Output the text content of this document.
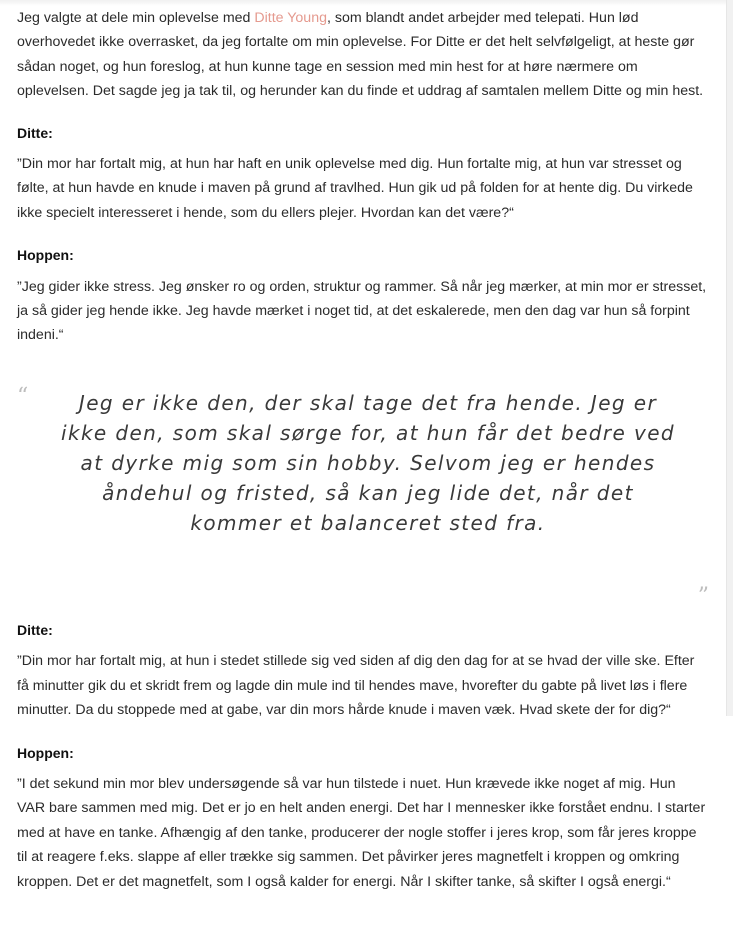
Jeg valgte at dele min oplevelse med Ditte Young, som blandt andet arbejder med telepati. Hun lød overhovedet ikke overrasket, da jeg fortalte om min oplevelse. For Ditte er det helt selvfølgeligt, at heste gør sådan noget, og hun foreslog, at hun kunne tage en session med min hest for at høre nærmere om oplevelsen. Det sagde jeg ja tak til, og herunder kan du finde et uddrag af samtalen mellem Ditte og min hest.

Ditte:

”Din mor har fortalt mig, at hun har haft en unik oplevelse med dig. Hun fortalte mig, at hun var stresset og følte, at hun havde en knude i maven på grund af travlhed. Hun gik ud på folden for at hente dig. Du virkede ikke specielt interesseret i hende, som du ellers plejer. Hvordan kan det være?“

Hoppen:

”Jeg gider ikke stress. Jeg ønsker ro og orden, struktur og rammer. Så når jeg mærker, at min mor er stresset, ja så gider jeg hende ikke. Jeg havde mærket i noget tid, at det eskalerede, men den dag var hun så forpint indeni.“

“	Jeg er ikke den, der skal tage det fra hende. Jeg er ikke den, som skal sørge for, at hun får det bedre ved at dyrke mig som sin hobby. Selvom jeg er hendes åndehul og fristed, så kan jeg lide det, når det kommer et balanceret sted fra.
”

Ditte:

”Din mor har fortalt mig, at hun i stedet stillede sig ved siden af dig den dag for at se hvad der ville ske. Efter få minutter gik du et skridt frem og lagde din mule ind til hendes mave, hvorefter du gabte på livet løs i flere minutter. Da du stoppede med at gabe, var din mors hårde knude i maven væk. Hvad skete der for dig?“

Hoppen:

”I det sekund min mor blev undersøgende så var hun tilstede i nuet. Hun krævede ikke noget af mig. Hun VAR bare sammen med mig. Det er jo en helt anden energi. Det har I mennesker ikke forstået endnu. I starter med at have en tanke. Afhængig af den tanke, producerer der nogle stoffer i jeres krop, som får jeres kroppe til at reagere f.eks. slappe af eller trække sig sammen. Det påvirker jeres magnetfelt i kroppen og omkring kroppen. Det er det magnetfelt, som I også kalder for energi. Når I skifter tanke, så skifter I også energi.“
